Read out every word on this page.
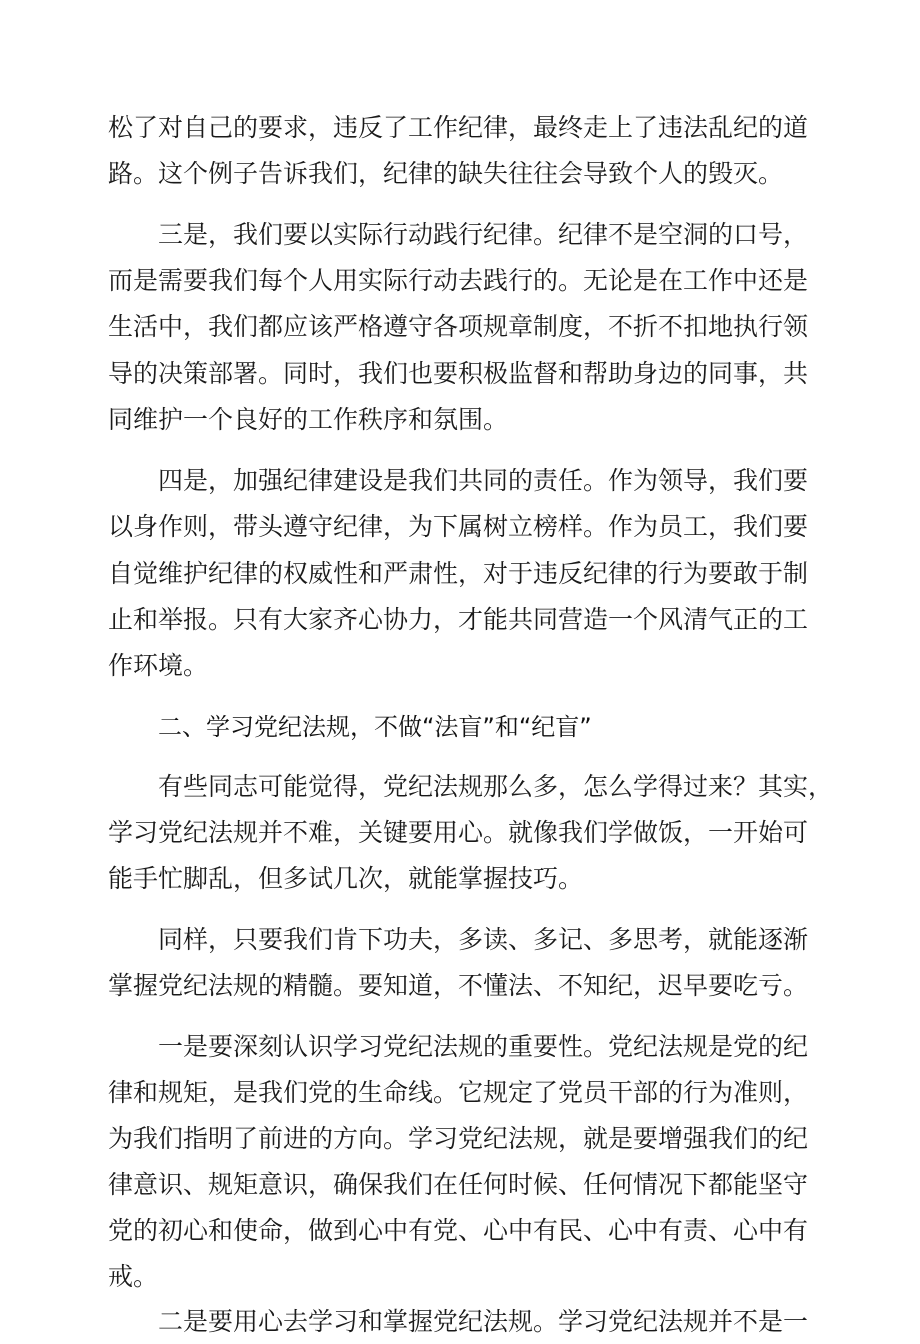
松了对自己的要求，违反了工作纪律，最终走上了违法乱纪的道
路。这个例子告诉我们，纪律的缺失往往会导致个人的毁灭。
三是，我们要以实际行动践行纪律。纪律不是空洞的口号，
而是需要我们每个人用实际行动去践行的。无论是在工作中还是
生活中，我们都应该严格遵守各项规章制度，不折不扣地执行领
导的决策部署。同时，我们也要积极监督和帮助身边的同事，共
同维护一个良好的工作秩序和氛围。
四是，加强纪律建设是我们共同的责任。作为领导，我们要
以身作则，带头遵守纪律，为下属树立榜样。作为员工，我们要
自觉维护纪律的权威性和严肃性，对于违反纪律的行为要敢于制
止和举报。只有大家齐心协力，才能共同营造一个风清气正的工
作环境。
二、学习党纪法规，不做“法盲”和“纪盲”
有些同志可能觉得，党纪法规那么多，怎么学得过来？其实，
学习党纪法规并不难，关键要用心。就像我们学做饭，一开始可
能手忙脚乱，但多试几次，就能掌握技巧。
同样，只要我们肯下功夫，多读、多记、多思考，就能逐渐
掌握党纪法规的精髓。要知道，不懂法、不知纪，迟早要吃亏。
一是要深刻认识学习党纪法规的重要性。党纪法规是党的纪
律和规矩，是我们党的生命线。它规定了党员干部的行为准则，
为我们指明了前进的方向。学习党纪法规，就是要增强我们的纪
律意识、规矩意识，确保我们在任何时候、任何情况下都能坚守
党的初心和使命，做到心中有党、心中有民、心中有责、心中有
戒。
二是要用心去学习和掌握党纪法规。学习党纪法规并不是一
